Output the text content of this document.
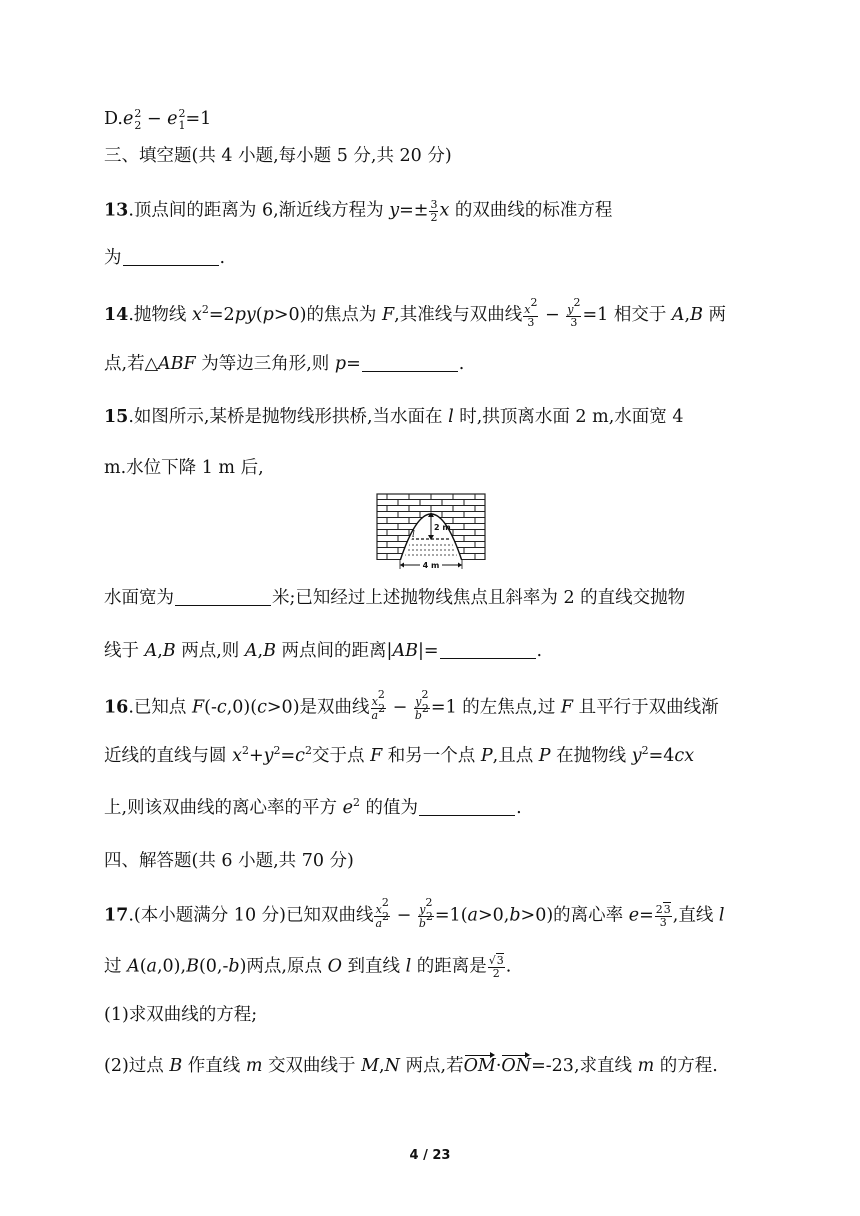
D.e 2
2 − e 2
1 =1
三、填空题(共 4 小题,每小题 5 分,共 20 分)
13.顶点间的距离为 6,渐近线方程为 $y=\pm \frac{3}{2}$ x 的双曲线的标准方程
为	.
14.抛物线 $x^2=2py(p>0)$的焦点为 F,其准线与双曲线 $\frac{x^2}{3} - \frac{y^2}{3} =1$ 相交于 A,B 两
点,若△ABF 为等边三角形,则 p=	.
15.如图所示,某桥是抛物线形拱桥,当水面在 l 时,拱顶离水面 2 m,水面宽 4
m.水位下降 1 m 后,
2 m
l
4 m
水面宽为	米;已知经过上述抛物线焦点且斜率为 2 的直线交抛物
线于 A,B 两点,则 A,B 两点间的距离|AB|=	.
16.已知点 F(-c,0)(c>0)是双曲线 $\frac{x^2}{a^2} - \frac{y^2}{b^2} =1$ 的左焦点,过 F 且平行于双曲线渐
近线的直线与圆 $x^2+y^2=c^2$交于点 F 和另一个点 P,且点 P 在抛物线 $y^2=4cx$
上,则该双曲线的离心率的平方 $e^2$ 的值为	.
四、解答题(共 6 小题,共 70 分)
17.(本小题满分 10 分)已知双曲线 $\frac{x^2}{a^2} - \frac{y^2}{b^2} =1(a>0,b>0)$的离心率 $e= \frac{23}{3}$ ,直线 l
过 A(a,0),B(0,-b)两点,原点 O 到直线 l 的距离是 $\frac{√3}{2}$ .
(1)求双曲线的方程;
(2)过点 B 作直线 m 交双曲线于 M,N 两点,若OM·ON=-23,求直线 m 的方程.
4 / 23
